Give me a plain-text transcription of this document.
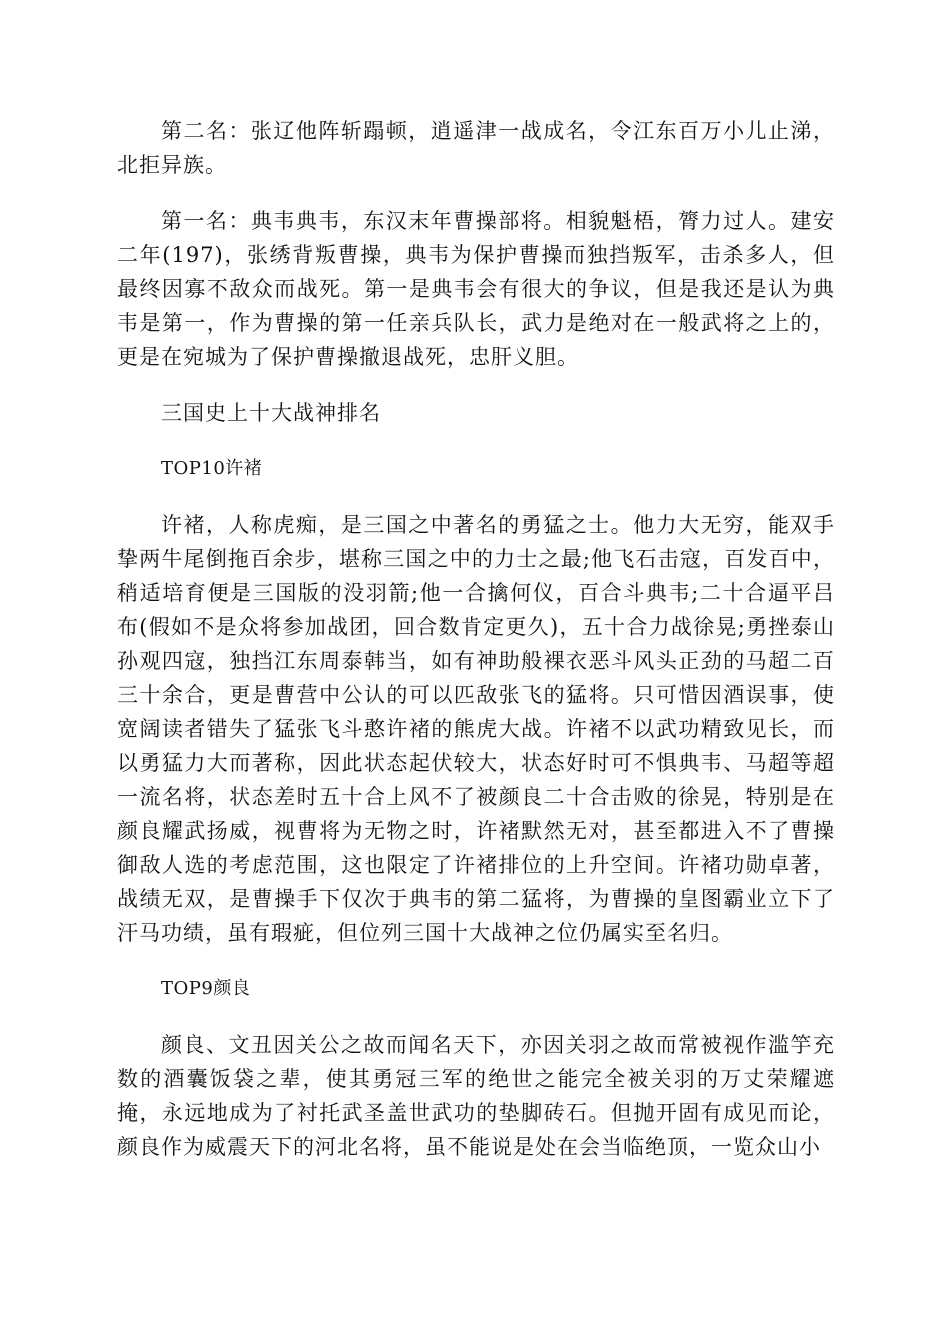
第二名：张辽他阵斩蹋顿，逍遥津一战成名，令江东百万小儿止涕，北拒异族。

第一名：典韦典韦，东汉末年曹操部将。相貌魁梧，膂力过人。建安二年(197)，张绣背叛曹操，典韦为保护曹操而独挡叛军，击杀多人，但最终因寡不敌众而战死。第一是典韦会有很大的争议，但是我还是认为典韦是第一，作为曹操的第一任亲兵队长，武力是绝对在一般武将之上的，更是在宛城为了保护曹操撤退战死，忠肝义胆。

三国史上十大战神排名

TOP10许褚

许褚，人称虎痴，是三国之中著名的勇猛之士。他力大无穷，能双手挚两牛尾倒拖百余步，堪称三国之中的力士之最;他飞石击寇，百发百中，稍适培育便是三国版的没羽箭;他一合擒何仪，百合斗典韦;二十合逼平吕布(假如不是众将参加战团，回合数肯定更久)，五十合力战徐晃;勇挫泰山孙观四寇，独挡江东周泰韩当，如有神助般裸衣恶斗风头正劲的马超二百三十余合，更是曹营中公认的可以匹敌张飞的猛将。只可惜因酒误事，使宽阔读者错失了猛张飞斗憨许褚的熊虎大战。许褚不以武功精致见长，而以勇猛力大而著称，因此状态起伏较大，状态好时可不惧典韦、马超等超一流名将，状态差时五十合上风不了被颜良二十合击败的徐晃，特别是在颜良耀武扬威，视曹将为无物之时，许褚默然无对，甚至都进入不了曹操御敌人选的考虑范围，这也限定了许褚排位的上升空间。许褚功勋卓著，战绩无双，是曹操手下仅次于典韦的第二猛将，为曹操的皇图霸业立下了汗马功绩，虽有瑕疵，但位列三国十大战神之位仍属实至名归。

TOP9颜良

颜良、文丑因关公之故而闻名天下，亦因关羽之故而常被视作滥竽充数的酒囊饭袋之辈，使其勇冠三军的绝世之能完全被关羽的万丈荣耀遮掩，永远地成为了衬托武圣盖世武功的垫脚砖石。但抛开固有成见而论，颜良作为威震天下的河北名将，虽不能说是处在会当临绝顶，一览众山小
